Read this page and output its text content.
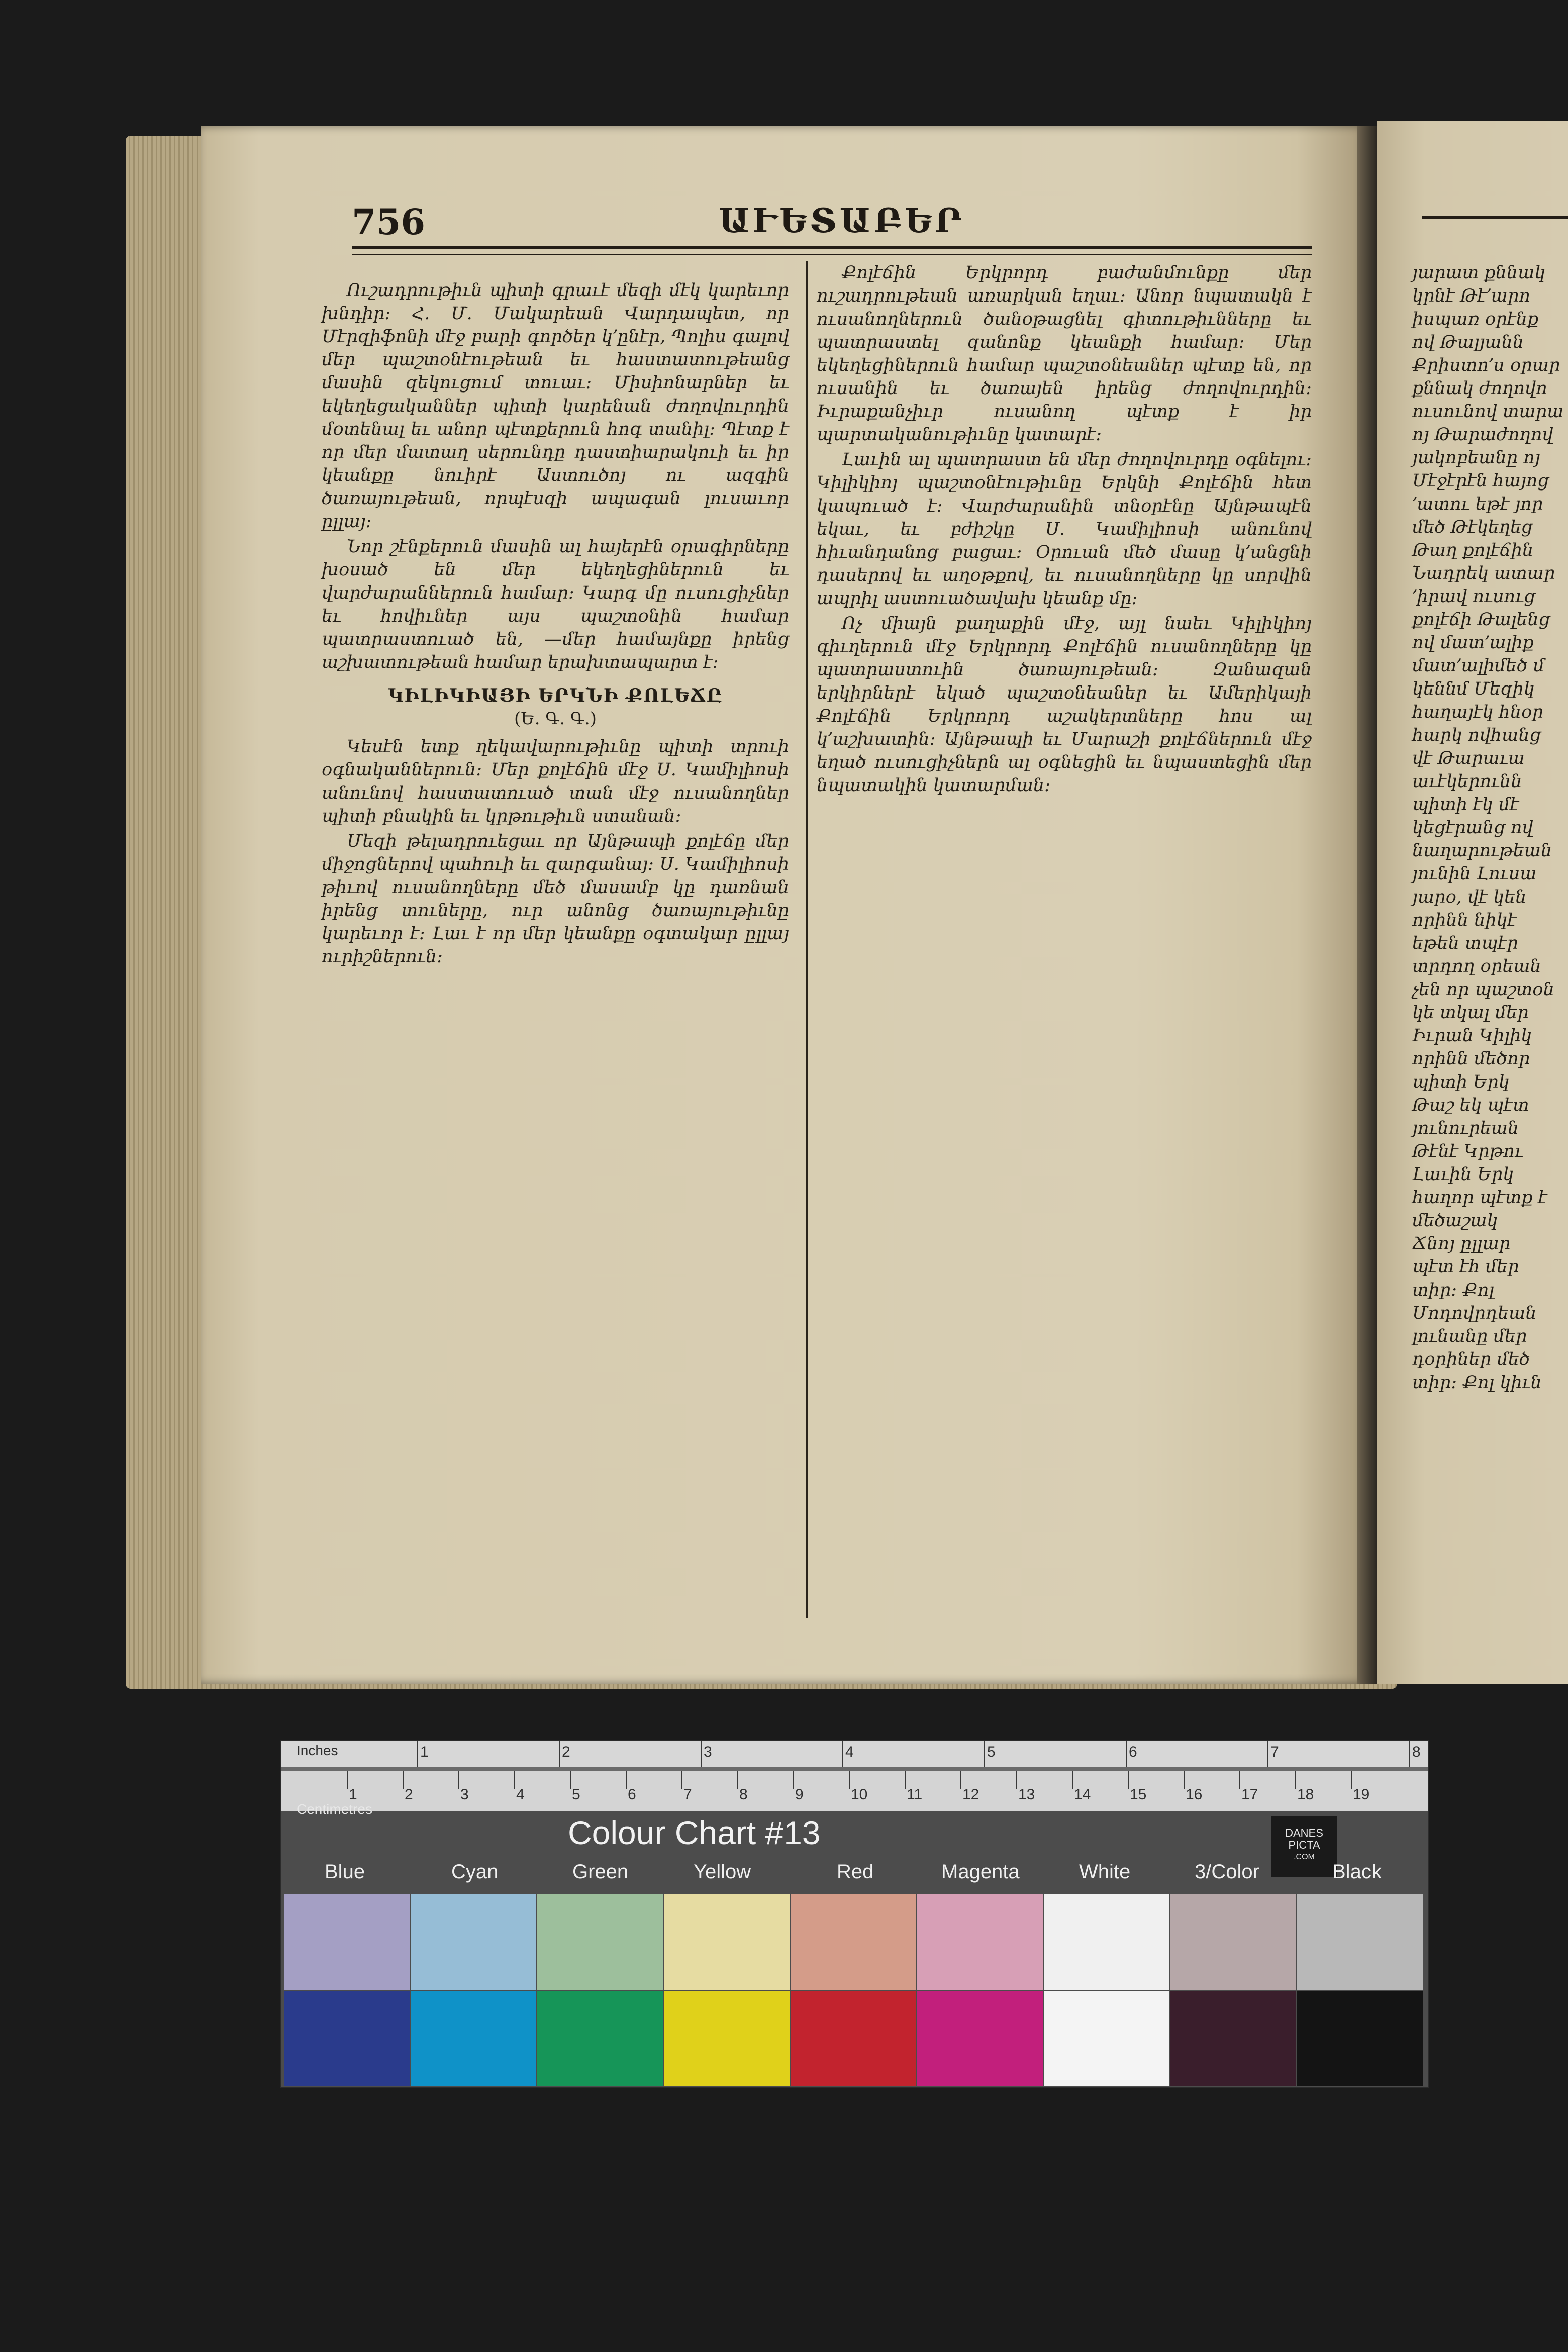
յարատ քննակ
կրնէ Թէ՚արո
իսպառ օրէնք
ով Թալյանն
Քրիստո՚ս օրար
քննակ ժողովո
ուսունով տարա
ոյ Թարաժողով
յակոբեանը ոյ
Մէջէրէն հայոց
՚ատու եթէ յոր
մեծ Թէկեղեց
Թաղ քոլէճին
Նադրեկ ատար
՚իրավ ուսուց
քոլէճի Թալենց
ով մատ՚ալիք
մատ՚ալիմեծ մ
կեննմ Մեզիկ
հաղայէկ հնօր
հարկ ովհանց
վէ Թարաւա
աւէկերունն
պիտի էկ մէ
կեցէրանց ով
նաղարութեան
յունին Լուսա
յարօ, վէ կեն
որինն նիկէ
եթեն տպէր
տրդող օրեան
չեն որ պաշտօն
կե տկալ մեր
Իւրան Կիլիկ
որինն մեծոր
պիտի Երկ
Թաշ եկ պէտ
յունուրեան
Թէնէ Կրթու
Լաւին Երկ
հաղոր պէտք է
մեծաշակ
Ճնոյ ըլլար
պէտ էհ մեր
տիր։ Քոլ
Մոդովրդեան
լունանը մեր
դօրիներ մեծ
տիր։ Քոլ կիւն
756	ԱՒԵՏԱԲԵՐ

Ուշադրութիւն պիտի գրաւէ մեզի մէկ կարեւոր խնդիր։ Հ. Մ. Մակարեան Վարդապետ, որ Մէրզիֆոնի մէջ բարի գործեր կ՚ընէր, Պոլիս գալով մեր պաշտօնէութեան եւ հաստատութեանց մասին զեկուցում տուաւ։ Միսիոնարներ եւ եկեղեցականներ պիտի կարենան ժողովուրդին մօտենալ եւ անոր պէտքերուն հոգ տանիլ։ Պէտք է որ մեր մատաղ սերունդը դաստիարակուի եւ իր կեանքը նուիրէ Աստուծոյ ու ազգին ծառայութեան, որպէսզի ապագան լուսաւոր ըլլայ։

Նոր շէնքերուն մասին ալ հայերէն օրագիրները խօսած են մեր եկեղեցիներուն եւ վարժարաններուն համար։ Կարգ մը ուսուցիչներ եւ հովիւներ այս պաշտօնին համար պատրաստուած են, —մեր համայնքը իրենց աշխատութեան համար երախտապարտ է։

ԿԻԼԻԿԻԱՅԻ ԵՐԿՆԻ ՔՈԼԵՃԸ
(Ե. Գ. Գ.)

Կեսէն ետք ղեկավարութիւնը պիտի տրուի օգնականներուն։ Մեր քոլէճին մէջ Ս. Կամիլիոսի անունով հաստատուած տան մէջ ուսանողներ պիտի բնակին եւ կրթութիւն ստանան։

Մեզի թելադրուեցաւ որ Այնթապի քոլէճը մեր միջոցներով պահուի եւ զարգանայ։ Ս. Կամիլիոսի թիւով ուսանողները մեծ մասամբ կը դառնան իրենց տուները, ուր անոնց ծառայութիւնը կարեւոր է։ Լաւ է որ մեր կեանքը օգտակար ըլլայ ուրիշներուն։

Քոլէճին Երկրորդ բաժանմունքը մեր ուշադրութեան առարկան եղաւ։ Անոր նպատակն է ուսանողներուն ծանօթացնել գիտութիւնները եւ պատրաստել զանոնք կեանքի համար։ Մեր եկեղեցիներուն համար պաշտօնեաներ պէտք են, որ ուսանին եւ ծառայեն իրենց ժողովուրդին։ Իւրաքանչիւր ուսանող պէտք է իր պարտականութիւնը կատարէ։

Լաւին ալ պատրաստ են մեր ժողովուրդը օգնելու։ Կիլիկիոյ պաշտօնէութիւնը Երկնի Քոլէճին հետ կապուած է։ Վարժարանին տնօրէնը Այնթապէն եկաւ, եւ բժիշկը Ս. Կամիլիոսի անունով հիւանդանոց բացաւ։ Օրուան մեծ մասը կ՚անցնի դասերով եւ աղօթքով, եւ ուսանողները կը սորվին ապրիլ աստուածավախ կեանք մը։

Ոչ միայն քաղաքին մէջ, այլ նաեւ Կիլիկիոյ գիւղերուն մէջ Երկրորդ Քոլէճին ուսանողները կը պատրաստուին ծառայութեան։ Զանազան երկիրներէ եկած պաշտօնեաներ եւ Ամերիկայի Քոլէճին Երկրորդ աշակերտները հոս ալ կ՚աշխատին։ Այնթապի եւ Մարաշի քոլէճներուն մէջ եղած ուսուցիչներն ալ օգնեցին եւ նպաստեցին մեր նպատակին կատարման։

Inches
Centimetres
1	2	3	4	5	6	7	8
1	2	3	4	5	6	7	8	9	10	11	12	13	14	15	16	17	18	19
Colour Chart #13	DANES
PICTA
.COM
Blue	Cyan	Green	Yellow	Red	Magenta	White	3/Color	Black
